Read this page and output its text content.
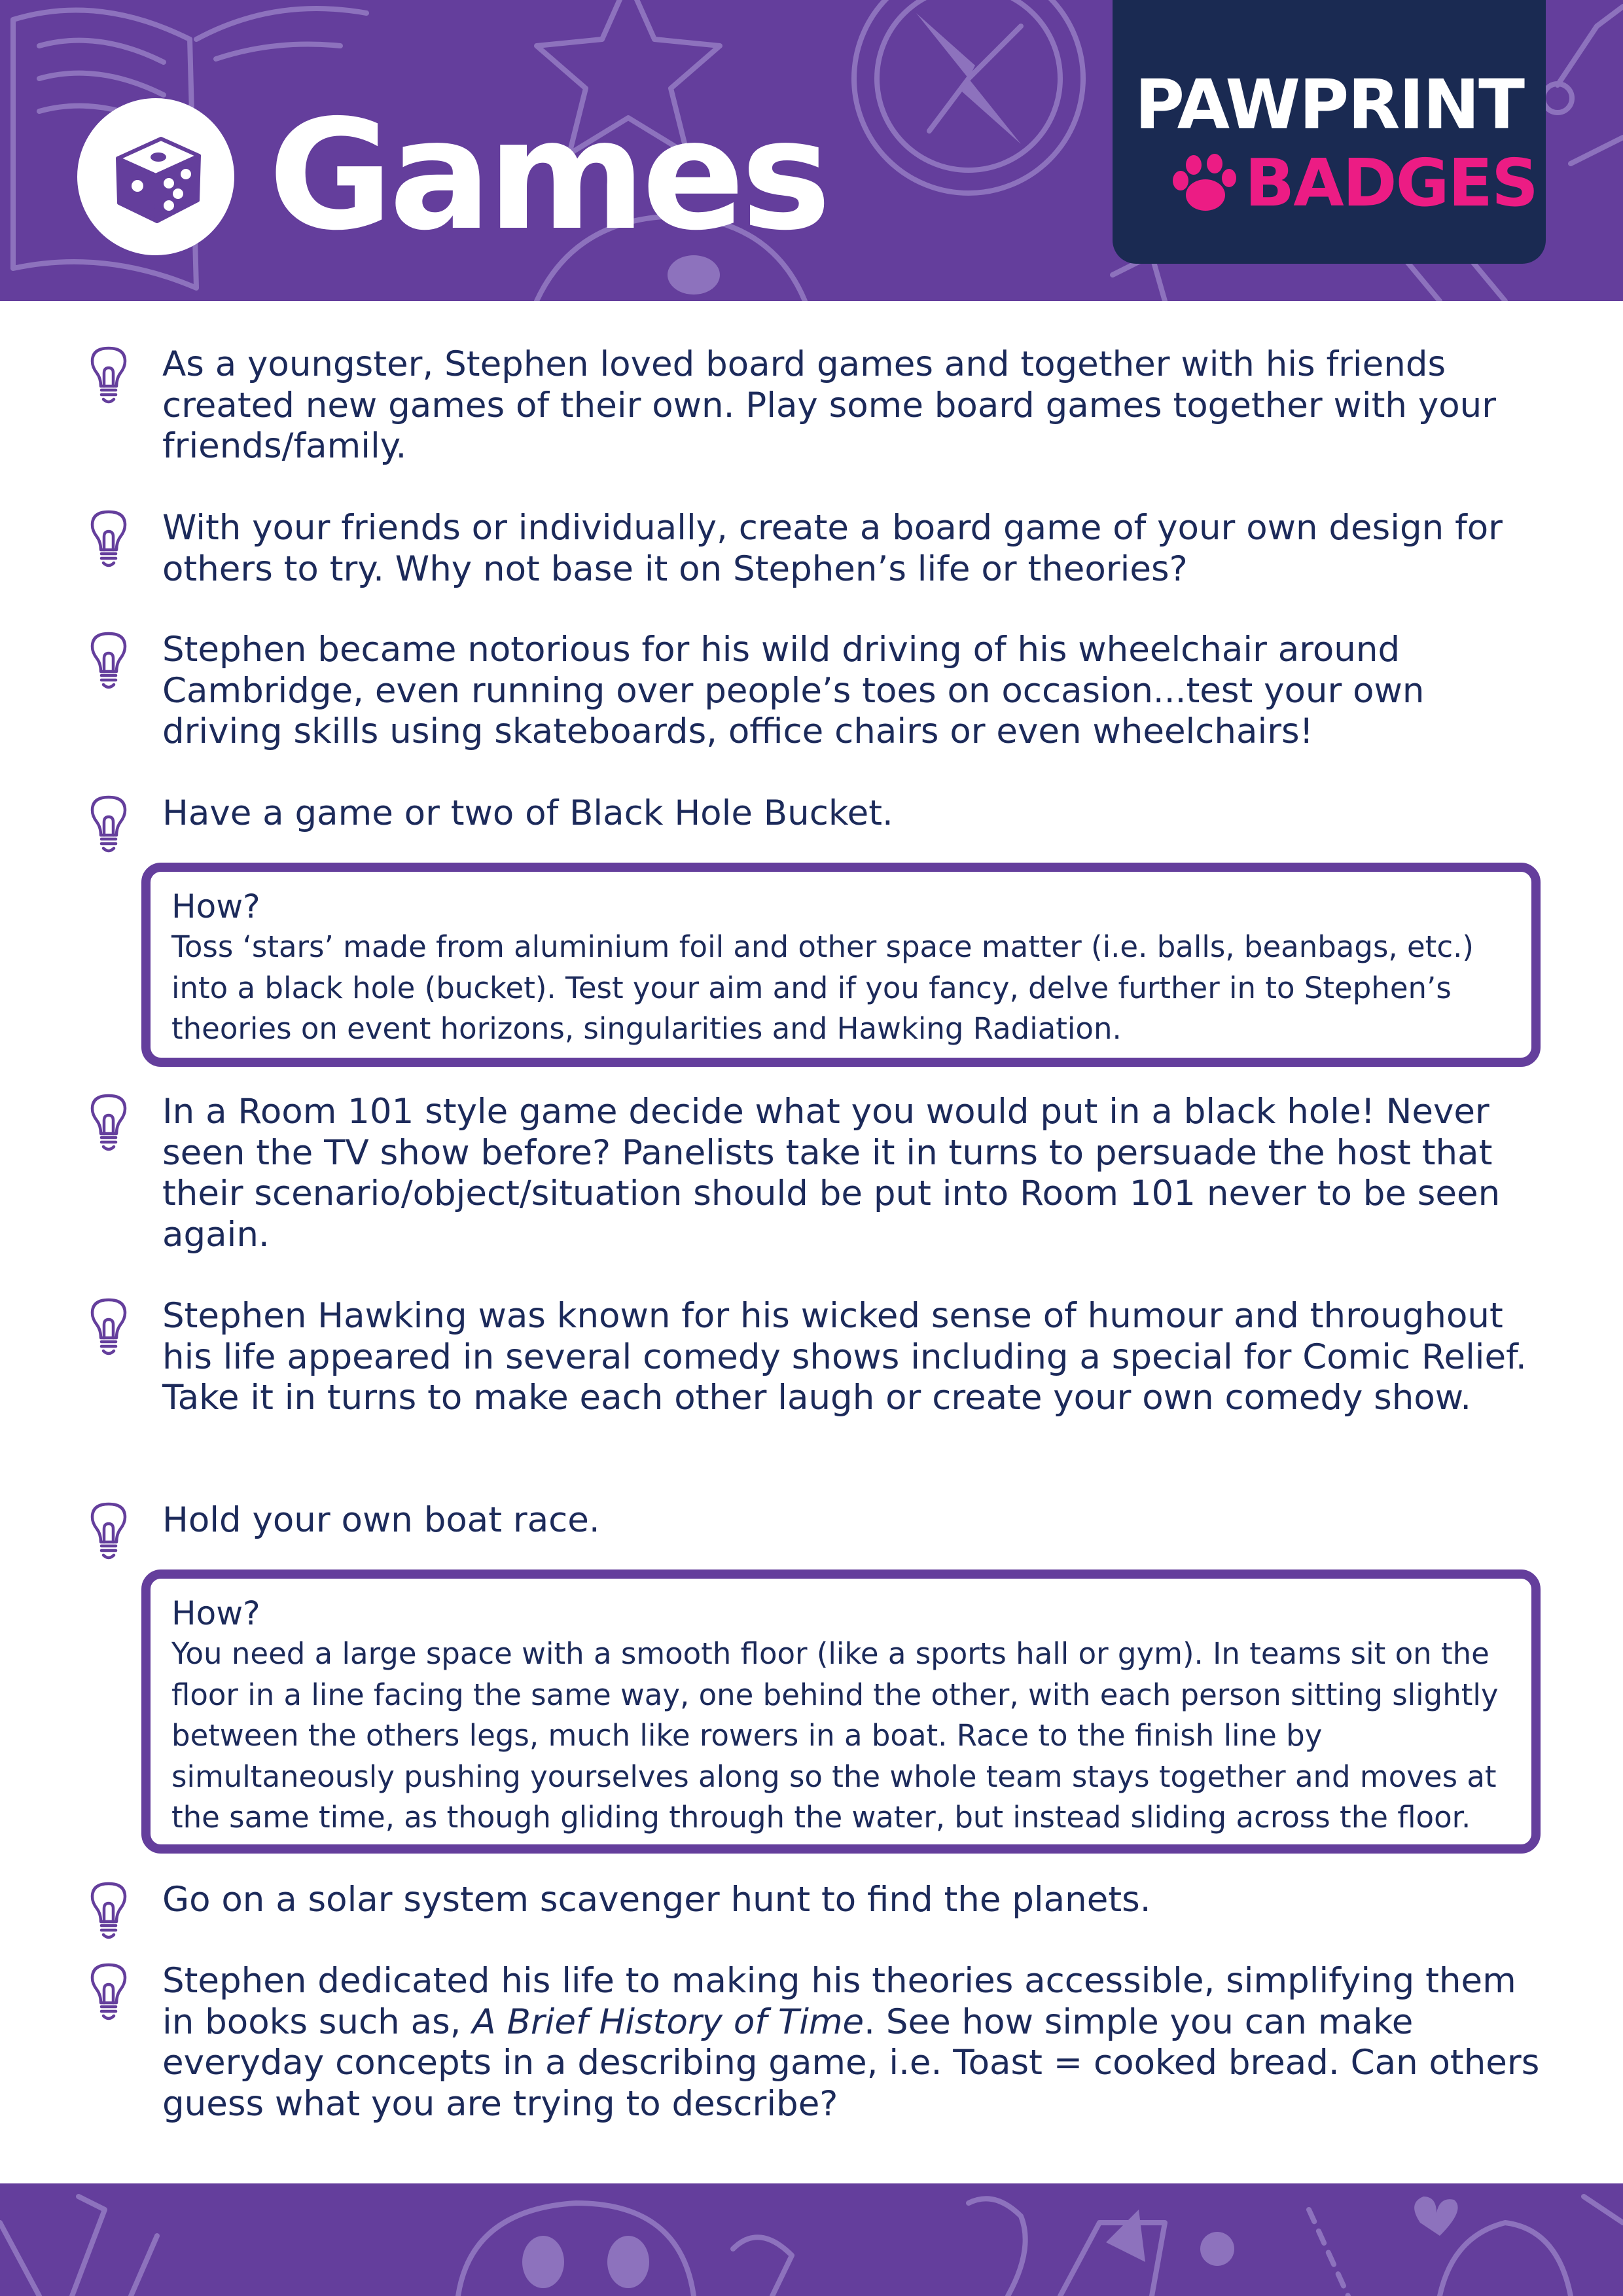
Games	PAWPRINT
BADGES

As a youngster, Stephen loved board games and together with his friends created new games of their own. Play some board games together with your friends/family.

With your friends or individually, create a board game of your own design for others to try. Why not base it on Stephen’s life or theories?

Stephen became notorious for his wild driving of his wheelchair around Cambridge, even running over people’s toes on occasion...test your own driving skills using skateboards, office chairs or even wheelchairs!

Have a game or two of Black Hole Bucket.

How?

Toss ‘stars’ made from aluminium foil and other space matter (i.e. balls, beanbags, etc.) into a black hole (bucket). Test your aim and if you fancy, delve further in to Stephen’s theories on event horizons, singularities and Hawking Radiation.

In a Room 101 style game decide what you would put in a black hole! Never seen the TV show before? Panelists take it in turns to persuade the host that their scenario/object/situation should be put into Room 101 never to be seen again.

Stephen Hawking was known for his wicked sense of humour and throughout his life appeared in several comedy shows including a special for Comic Relief. Take it in turns to make each other laugh or create your own comedy show.

Hold your own boat race.

How?

You need a large space with a smooth floor (like a sports hall or gym). In teams sit on the floor in a line facing the same way, one behind the other, with each person sitting slightly between the others legs, much like rowers in a boat. Race to the finish line by simultaneously pushing yourselves along so the whole team stays together and moves at the same time, as though gliding through the water, but instead sliding across the floor.

Go on a solar system scavenger hunt to find the planets.

Stephen dedicated his life to making his theories accessible, simplifying them in books such as, A Brief History of Time. See how simple you can make everyday concepts in a describing game, i.e. Toast = cooked bread. Can others guess what you are trying to describe?
